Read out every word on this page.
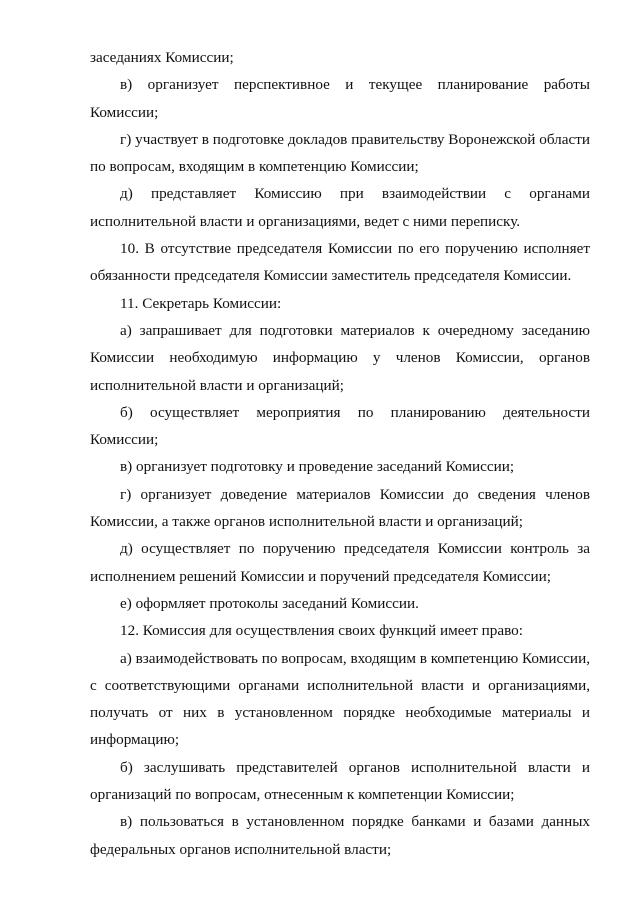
заседаниях Комиссии;

в) организует перспективное и текущее планирование работы Комиссии;

г) участвует в подготовке докладов правительству Воронежской области по вопросам, входящим в компетенцию Комиссии;

д) представляет Комиссию при взаимодействии с органами исполнительной власти и организациями, ведет с ними переписку.

10. В отсутствие председателя Комиссии по его поручению исполняет обязанности председателя Комиссии заместитель председателя Комиссии.

11. Секретарь Комиссии:

а) запрашивает для подготовки материалов к очередному заседанию Комиссии необходимую информацию у членов Комиссии, органов исполнительной власти и организаций;

б) осуществляет мероприятия по планированию деятельности Комиссии;

в) организует подготовку и проведение заседаний Комиссии;

г) организует доведение материалов Комиссии до сведения членов Комиссии, а также органов исполнительной власти и организаций;

д) осуществляет по поручению председателя Комиссии контроль за исполнением решений Комиссии и поручений председателя Комиссии;

е) оформляет протоколы заседаний Комиссии.

12. Комиссия для осуществления своих функций имеет право:

а) взаимодействовать по вопросам, входящим в компетенцию Комиссии, с соответствующими органами исполнительной власти и организациями, получать от них в установленном порядке необходимые материалы и информацию;

б) заслушивать представителей органов исполнительной власти и организаций по вопросам, отнесенным к компетенции Комиссии;

в) пользоваться в установленном порядке банками и базами данных федеральных органов исполнительной власти;
